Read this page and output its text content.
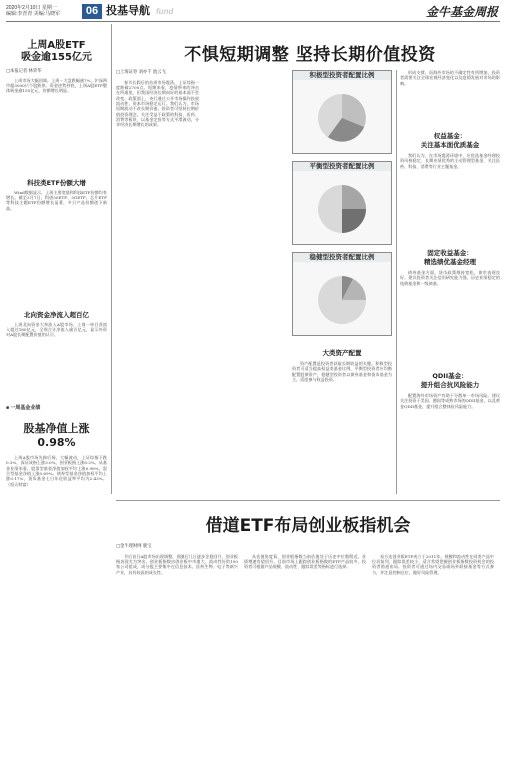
2020年2月10日 星期一
编辑:李青青 美编:马晓军	06 投基导航 fund	金牛基金周报
上周A股ETF
吸金逾155亿元
□本报记者 林荣华

上周市场大幅回调，上周一大盘跌幅逾7%，沪深两市超3000只个股跌停。资金逆势抄底，上周A股ETF整体吸金逾155亿元，份额增长明显。

科技类ETF份额大增

Wind数据显示，上周主要宽基和科技ETF份额均有增长。截至2月7日，科创50ETF、5GETF、芯片ETF等科技主题ETF份额增长显著，多只产品份额创下新高。

北向资金净流入超百亿

上周北向资金大举流入A股市场，上周一单日净流入超过180亿元，全周合计净流入逾百亿元，显示外资对A股长期配置价值的认可。

■ 一周基金业绩
股基净值上涨0.98%

上周A股市场先抑后扬，大幅波动，上证综指下跌0.3%，深证成指上涨3.0%，创业板指上涨8.2%。从基金业绩来看，股票型基金净值加权平均上涨0.98%，混合型基金净值上涨0.69%。债券型基金净值加权平均上涨0.17%，货币基金七日年化收益率平均为2.43%。（恒天财富）

不惧短期调整 坚持长期价值投资
□上海证券 刘亦千 池云飞

春节长假后的首周市场震荡，上证综指一度跌破2700点。短期来看，疫情带来的冲击在所难免，但我国经济长期向好的基本面不会改变。政策面上，央行通过公开市场操作投放流动性，资本市场稳定运行。我们认为，市场短期波动不改长期价值，投资者可坚持长期价值投资理念，关注受益于政策的科技、医药、消费等板块，以基金定投等方式平滑波动，分享经济长期增长的成果。

积极型投资者配置比例
平衡型投资者配置比例
稳健型投资者配置比例
大类资产配置

资产配置是投资者获取长期收益的关键。积极型投资者可适当提高权益类基金比例，平衡型投资者应均衡配置股债资产，稳健型投资者以债券基金和货币基金为主，适度参与权益投资。

形成支撑，而海外市场的不确定性有所增加，投资者需要关注全球宏观经济变化以及疫情发展对市场的影响。

权益基金：
关注基本面优质基金

我们认为，在市场震荡环境中，应优选基金经理投资风格稳定、长期业绩优秀的主动管理型基金，关注医药、科技、消费等行业主题基金。

固定收益基金：
精选绩优基金经理

债券基金方面，货币政策维持宽松，债市表现良好。建议投资者关注信用研究能力强、历史业绩稳定的纯债基金和一级债基。

QDII基金：
提升组合抗风险能力

配置海外市场资产有助于分散单一市场风险。建议关注投资于美国、德国等成熟市场的QDII基金，以及黄金QDII基金，提升组合整体抗风险能力。

借道ETF布局创业板指机会
□金牛理财网 鹿宝

节后首日A股市场出现调整，但随后几日逐步企稳回升，创业板指表现尤为突出。创业板指数由创业板中市值大、流动性好的100家公司组成，成分股主要集中在信息技术、医药生物、电子等新兴产业，具有较高的成长性。

从估值角度看，创业板指数当前估值处于历史中位数附近，业绩增速有望回升。目前市场上跟踪创业板指数的ETF产品较多，投资者可根据产品规模、流动性、跟踪误差等指标进行选择。

易方达创业板ETF成立于2011年，规模和流动性在同类产品中位居前列，跟踪误差较小，适合希望把握创业板指数投资机会的投资者借道布局。投资者可通过场内交易或场外联接基金等方式参与，并注意控制仓位，做好风险管理。
